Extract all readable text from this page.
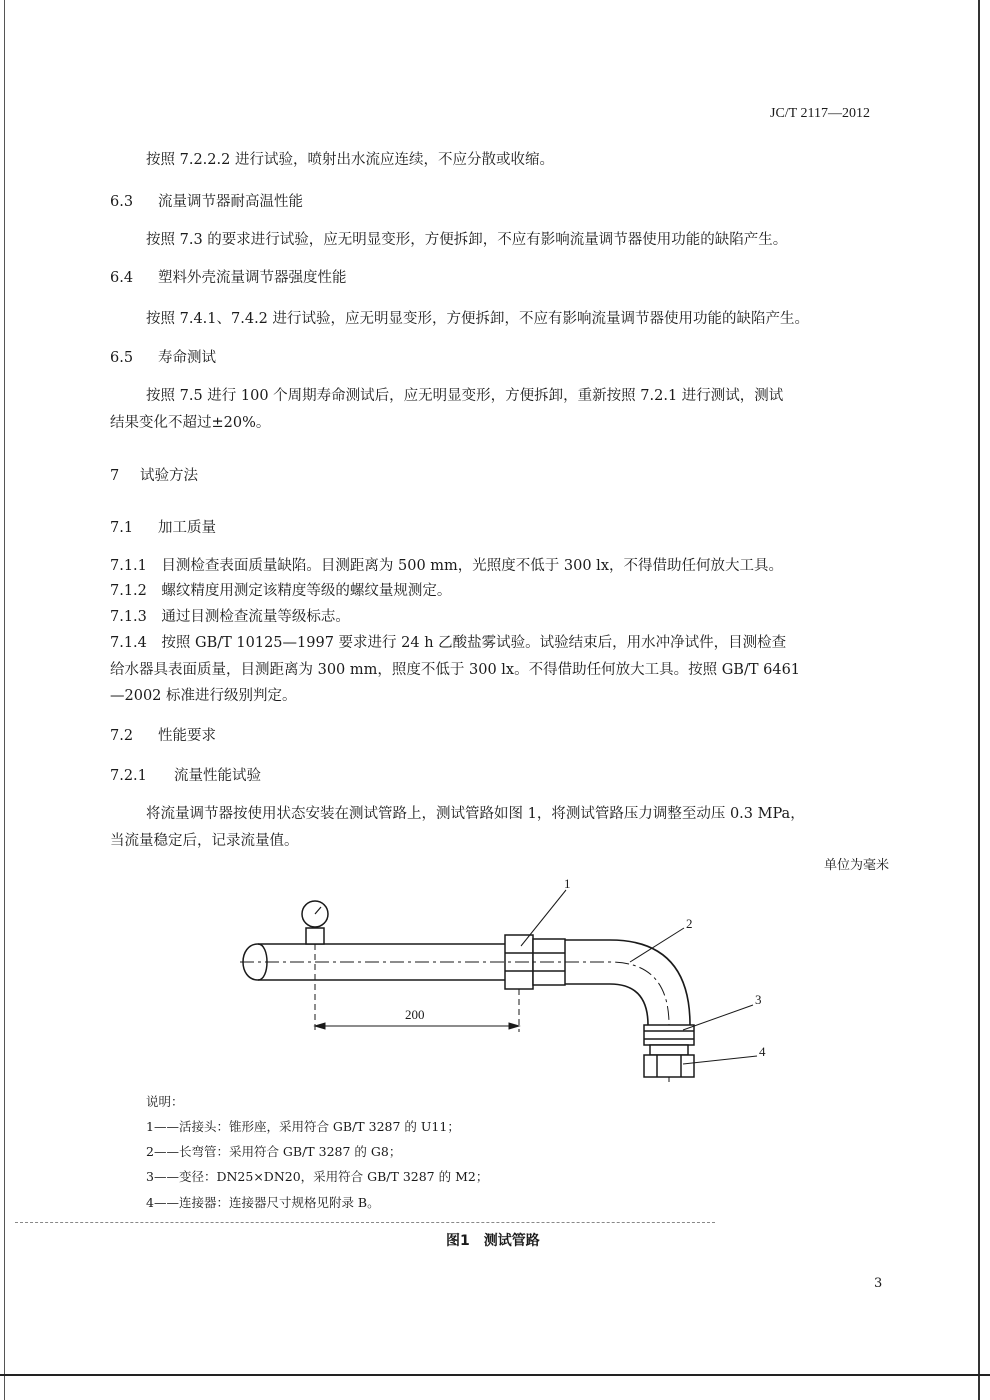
JC/T 2117—2012
按照 7.2.2.2 进行试验，喷射出水流应连续，不应分散或收缩。
6.3 流量调节器耐高温性能
按照 7.3 的要求进行试验，应无明显变形，方便拆卸，不应有影响流量调节器使用功能的缺陷产生。
6.4 塑料外壳流量调节器强度性能
按照 7.4.1、7.4.2 进行试验，应无明显变形，方便拆卸，不应有影响流量调节器使用功能的缺陷产生。
6.5 寿命测试
按照 7.5 进行 100 个周期寿命测试后，应无明显变形，方便拆卸，重新按照 7.2.1 进行测试，测试
结果变化不超过±20%。
7 试验方法
7.1 加工质量
7.1.1　目测检查表面质量缺陷。目测距离为 500 mm，光照度不低于 300 lx，不得借助任何放大工具。
7.1.2　螺纹精度用测定该精度等级的螺纹量规测定。
7.1.3　通过目测检查流量等级标志。
7.1.4　按照 GB/T 10125—1997 要求进行 24 h 乙酸盐雾试验。试验结束后，用水冲净试件，目测检查
给水器具表面质量，目测距离为 300 mm，照度不低于 300 lx。不得借助任何放大工具。按照 GB/T 6461
—2002 标准进行级别判定。
7.2 性能要求
7.2.1 流量性能试验
将流量调节器按使用状态安装在测试管路上，测试管路如图 1，将测试管路压力调整至动压 0.3 MPa，
当流量稳定后，记录流量值。
单位为毫米
200
1
2
3
4
说明：
1——活接头：锥形座，采用符合 GB/T 3287 的 U11；
2——长弯管：采用符合 GB/T 3287 的 G8；
3——变径：DN25×DN20，采用符合 GB/T 3287 的 M2；
4——连接器：连接器尺寸规格见附录 B。
图1　测试管路
3
